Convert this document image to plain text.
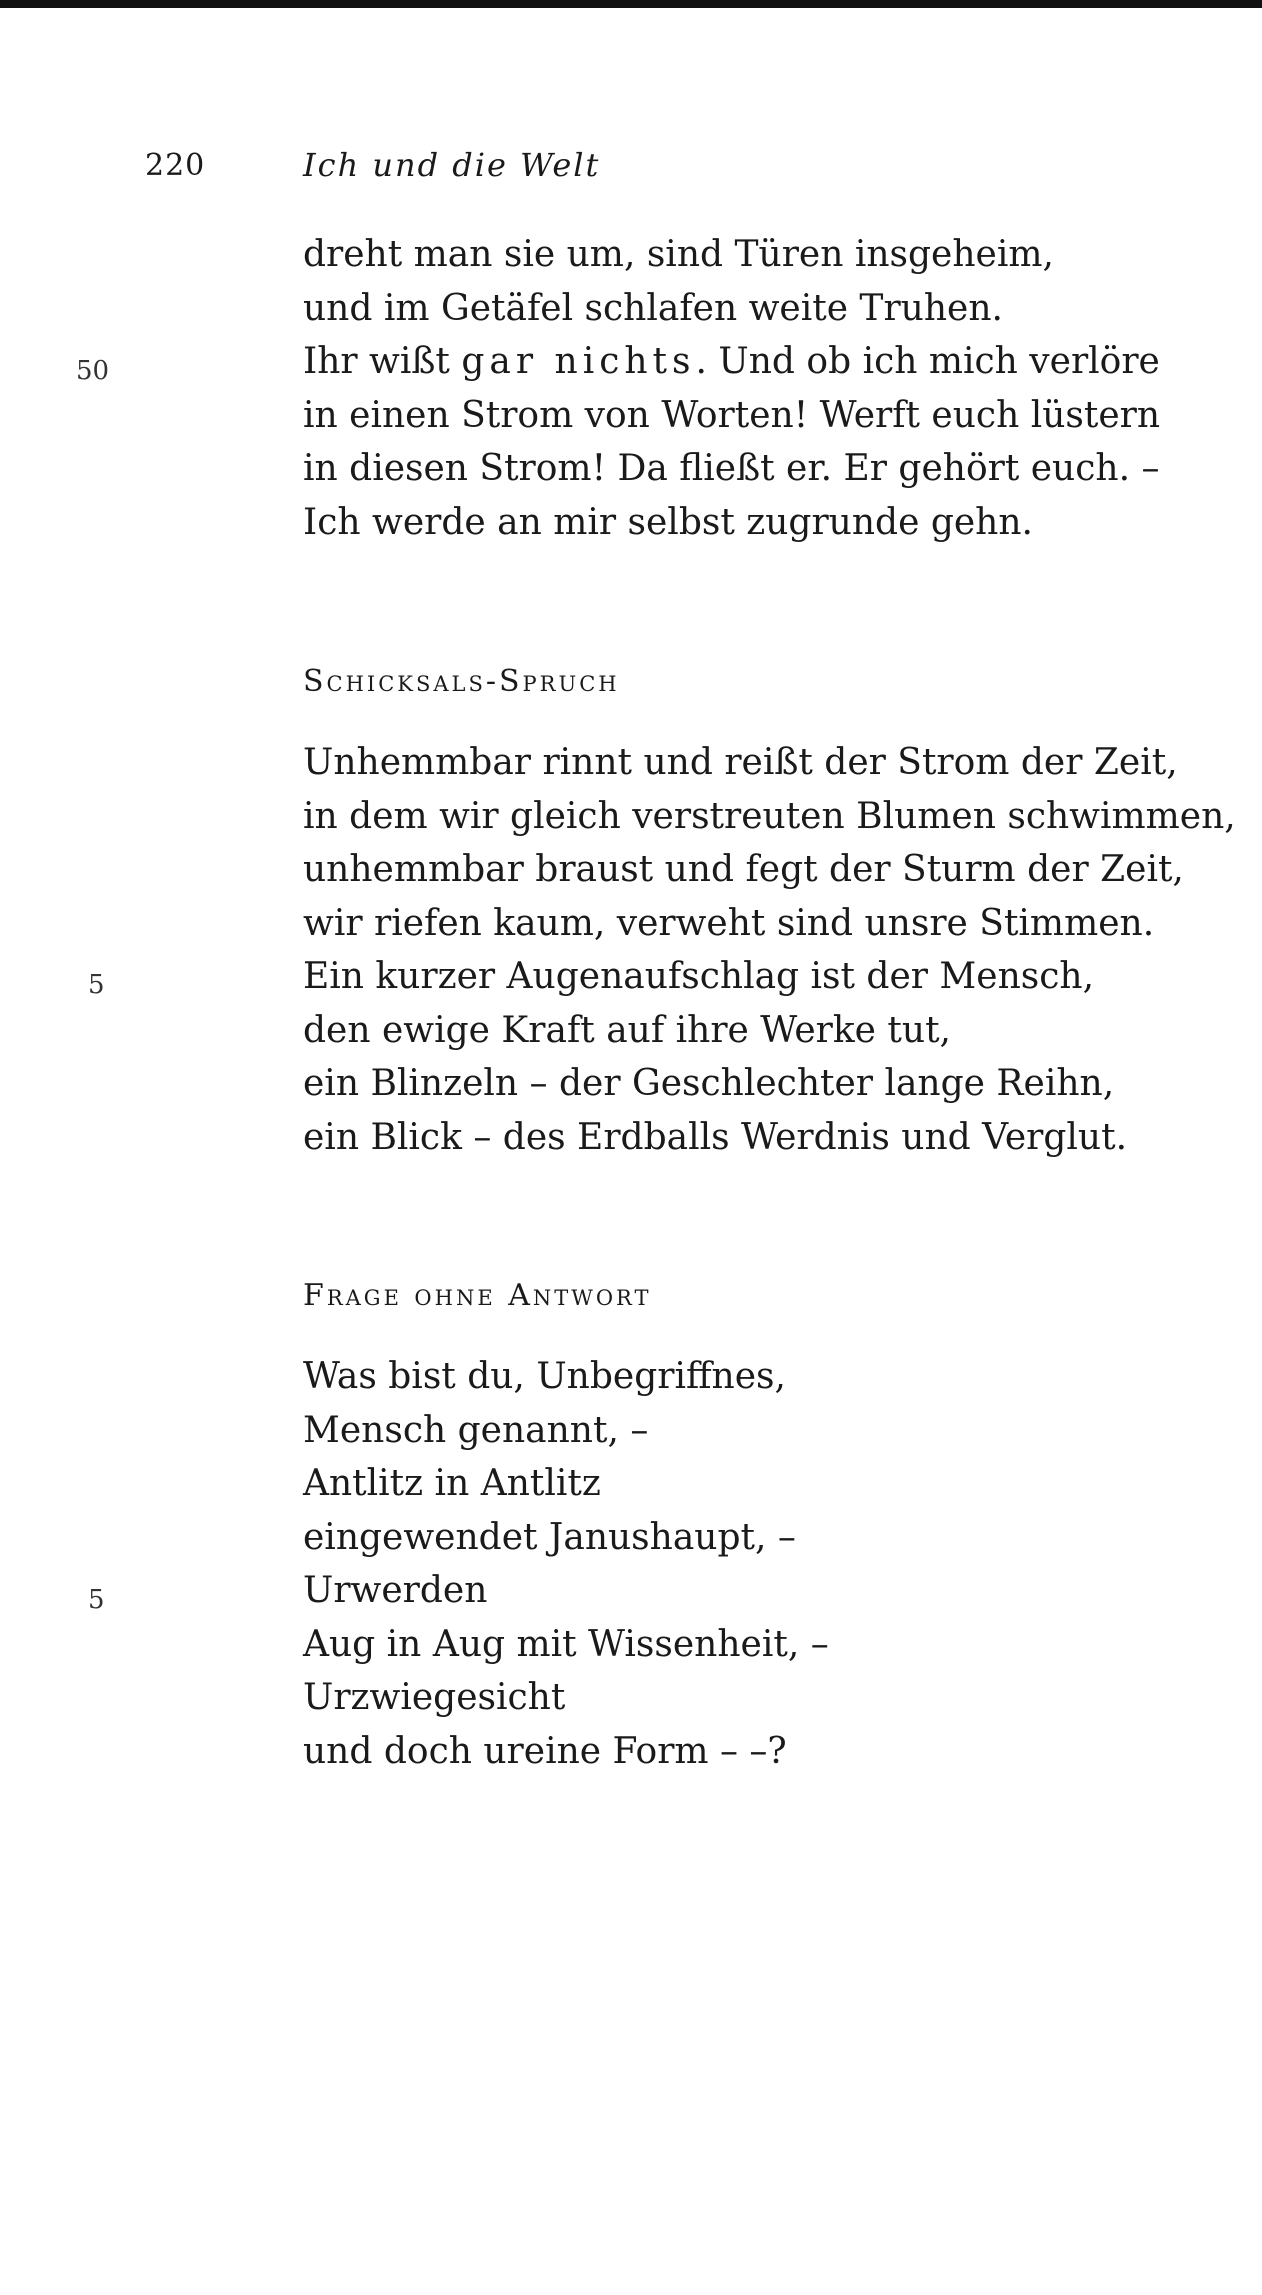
220	Ich und die Welt
dreht man sie um, sind Türen insgeheim,
und im Getäfel schlafen weite Truhen.
Ihr wißt gar nichts. Und ob ich mich verlöre
in einen Strom von Worten! Werft euch lüstern
in diesen Strom! Da fließt er. Er gehört euch. –
Ich werde an mir selbst zugrunde gehn.
50
Schicksals-Spruch
Unhemmbar rinnt und reißt der Strom der Zeit,
in dem wir gleich verstreuten Blumen schwimmen,
unhemmbar braust und fegt der Sturm der Zeit,
wir riefen kaum, verweht sind unsre Stimmen.
Ein kurzer Augenaufschlag ist der Mensch,
den ewige Kraft auf ihre Werke tut,
ein Blinzeln – der Geschlechter lange Reihn,
ein Blick – des Erdballs Werdnis und Verglut.
5
Frage ohne Antwort
Was bist du, Unbegriffnes,
Mensch genannt, –
Antlitz in Antlitz
eingewendet Janushaupt, –
Urwerden
Aug in Aug mit Wissenheit, –
Urzwiegesicht
und doch ureine Form – –?
5
